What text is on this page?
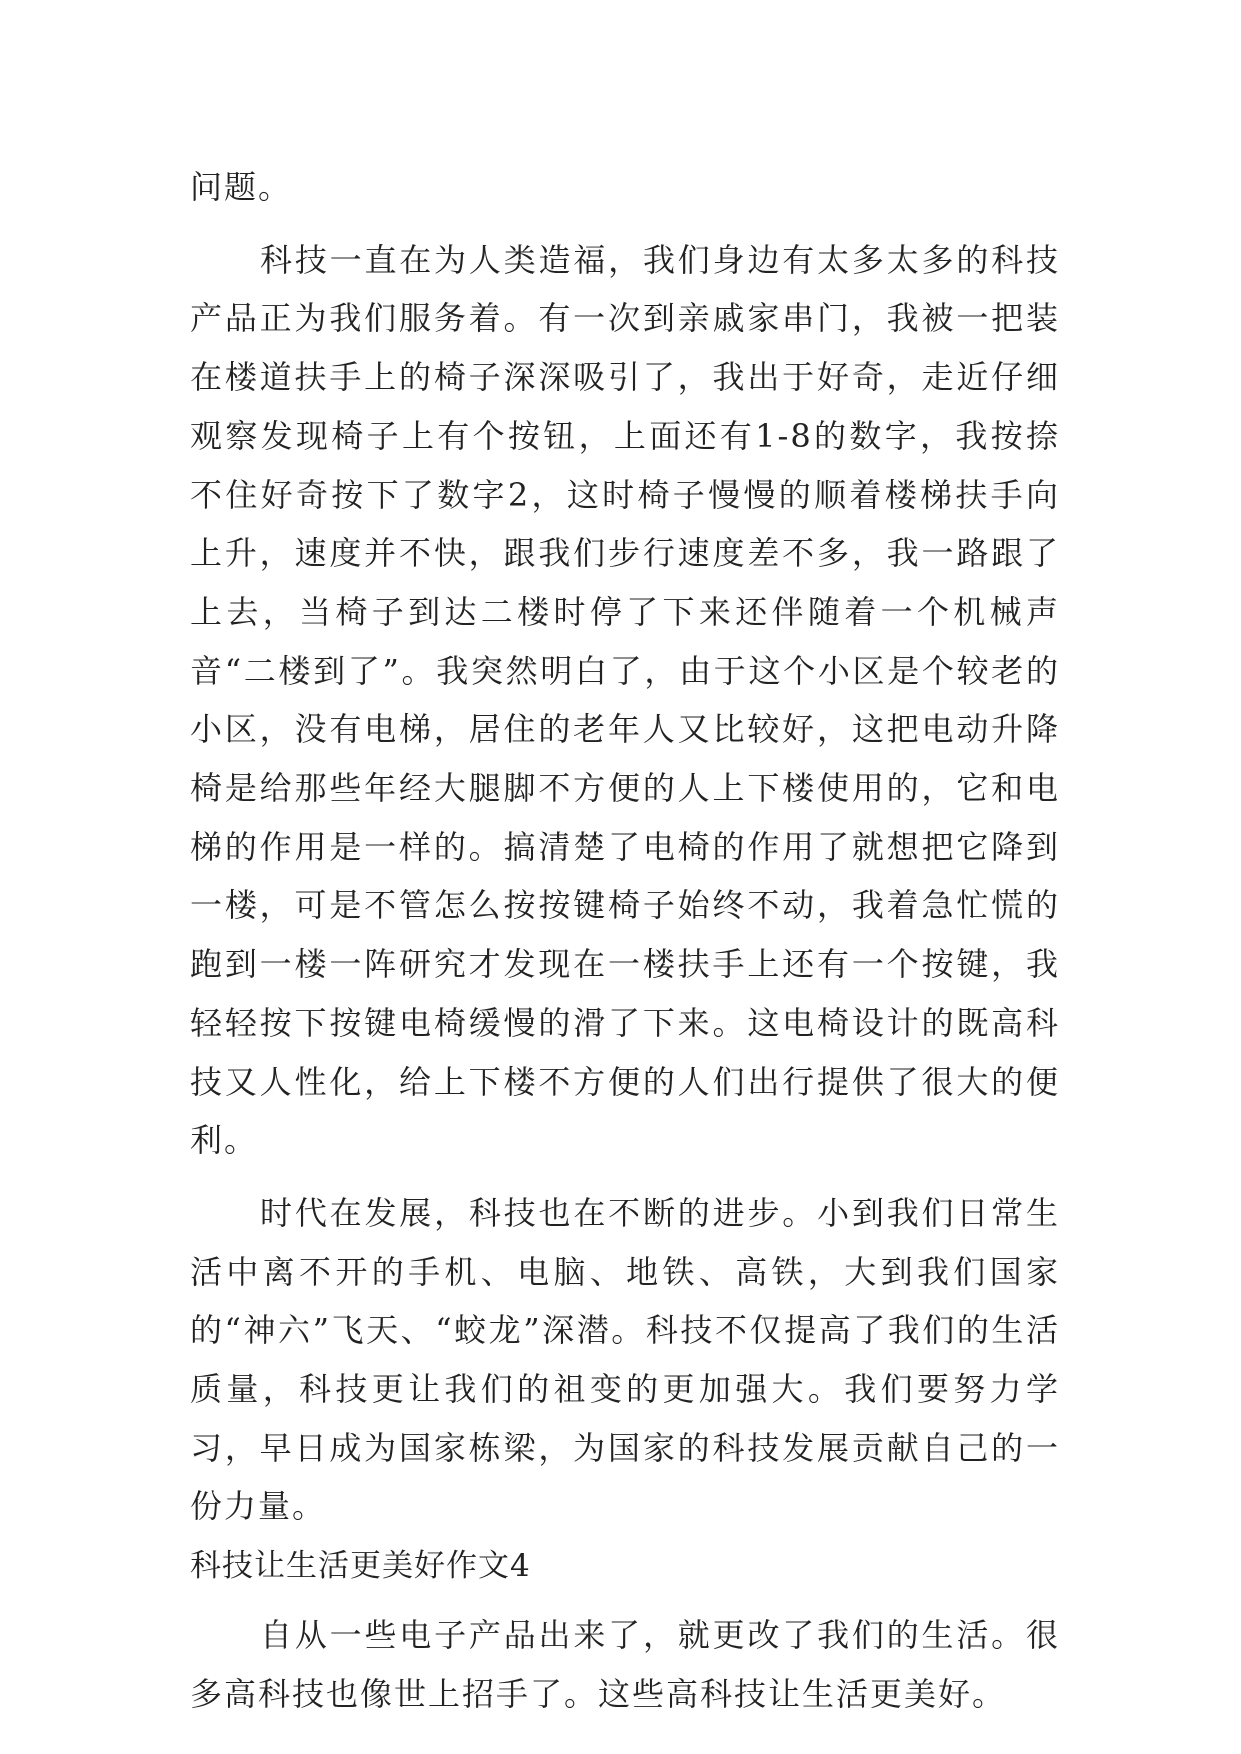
问题。

科技一直在为人类造福，我们身边有太多太多的科技产品正为我们服务着。有一次到亲戚家串门，我被一把装在楼道扶手上的椅子深深吸引了，我出于好奇，走近仔细观察发现椅子上有个按钮，上面还有1-8的数字，我按捺不住好奇按下了数字2，这时椅子慢慢的顺着楼梯扶手向上升，速度并不快，跟我们步行速度差不多，我一路跟了上去，当椅子到达二楼时停了下来还伴随着一个机械声音“二楼到了”。我突然明白了，由于这个小区是个较老的小区，没有电梯，居住的老年人又比较好，这把电动升降椅是给那些年经大腿脚不方便的人上下楼使用的，它和电梯的作用是一样的。搞清楚了电椅的作用了就想把它降到一楼，可是不管怎么按按键椅子始终不动，我着急忙慌的跑到一楼一阵研究才发现在一楼扶手上还有一个按键，我轻轻按下按键电椅缓慢的滑了下来。这电椅设计的既高科技又人性化，给上下楼不方便的人们出行提供了很大的便利。

时代在发展，科技也在不断的进步。小到我们日常生活中离不开的手机、电脑、地铁、高铁，大到我们国家的“神六”飞天、“蛟龙”深潜。科技不仅提高了我们的生活质量，科技更让我们的祖变的更加强大。我们要努力学习，早日成为国家栋梁，为国家的科技发展贡献自己的一份力量。

科技让生活更美好作文4

自从一些电子产品出来了，就更改了我们的生活。很多高科技也像世上招手了。这些高科技让生活更美好。
